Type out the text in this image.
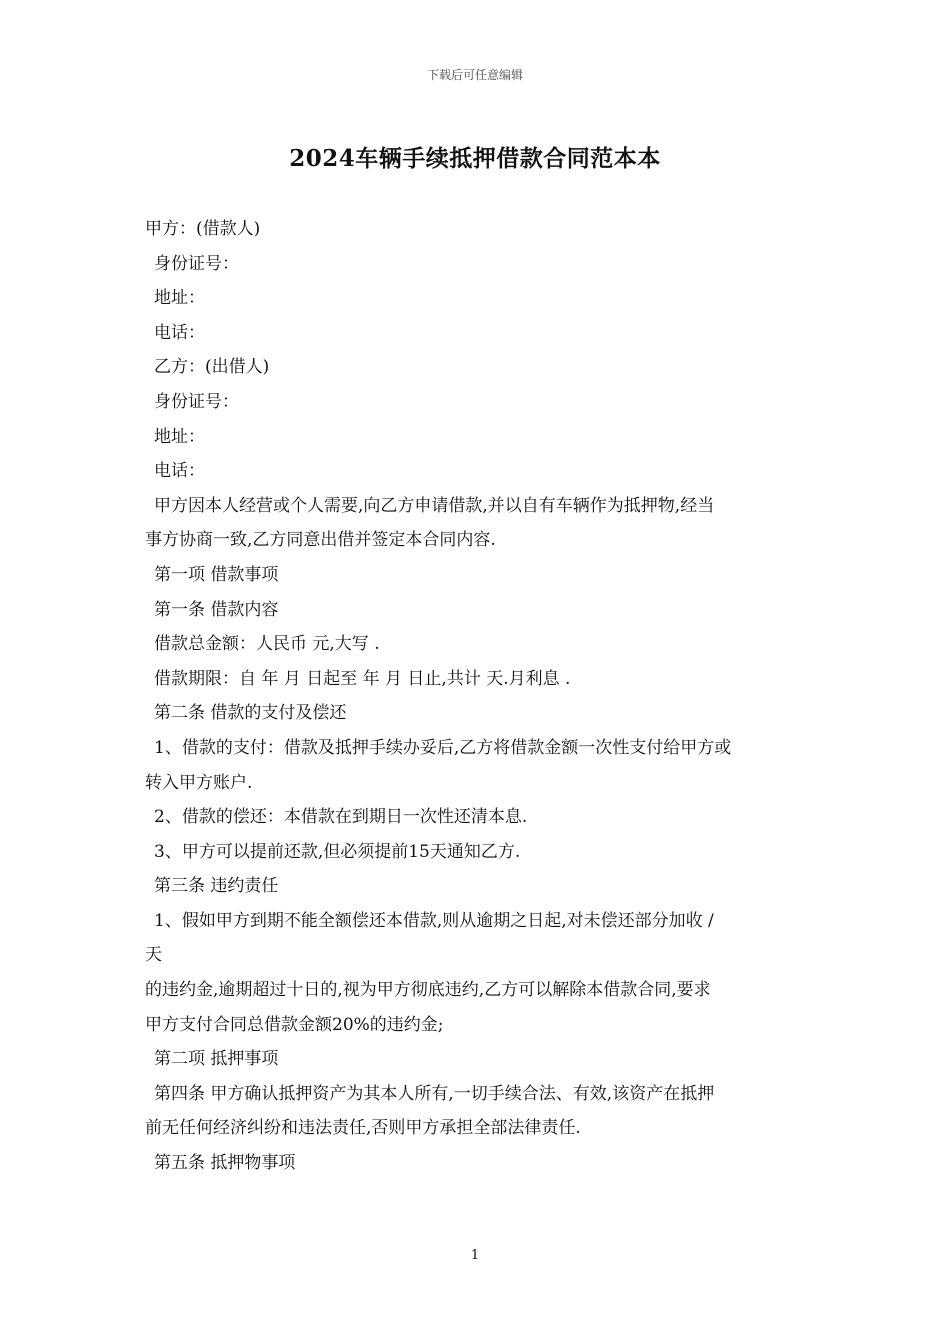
下载后可任意编辑
2024车辆手续抵押借款合同范本本
甲方：(借款人)
身份证号：
地址：
电话：
乙方：(出借人)
身份证号：
地址：
电话：
甲方因本人经营或个人需要,向乙方申请借款,并以自有车辆作为抵押物,经当
事方协商一致,乙方同意出借并签定本合同内容.
第一项 借款事项
第一条 借款内容
借款总金额：人民币 元,大写 .
借款期限：自 年 月 日起至 年 月 日止,共计 天.月利息 .
第二条 借款的支付及偿还
1、借款的支付：借款及抵押手续办妥后,乙方将借款金额一次性支付给甲方或
转入甲方账户.
2、借款的偿还：本借款在到期日一次性还清本息.
3、甲方可以提前还款,但必须提前15天通知乙方.
第三条 违约责任
1、假如甲方到期不能全额偿还本借款,则从逾期之日起,对未偿还部分加收 /
天
的违约金,逾期超过十日的,视为甲方彻底违约,乙方可以解除本借款合同,要求
甲方支付合同总借款金额20%的违约金;
第二项 抵押事项
第四条 甲方确认抵押资产为其本人所有,一切手续合法、有效,该资产在抵押
前无任何经济纠纷和违法责任,否则甲方承担全部法律责任.
第五条 抵押物事项
1
